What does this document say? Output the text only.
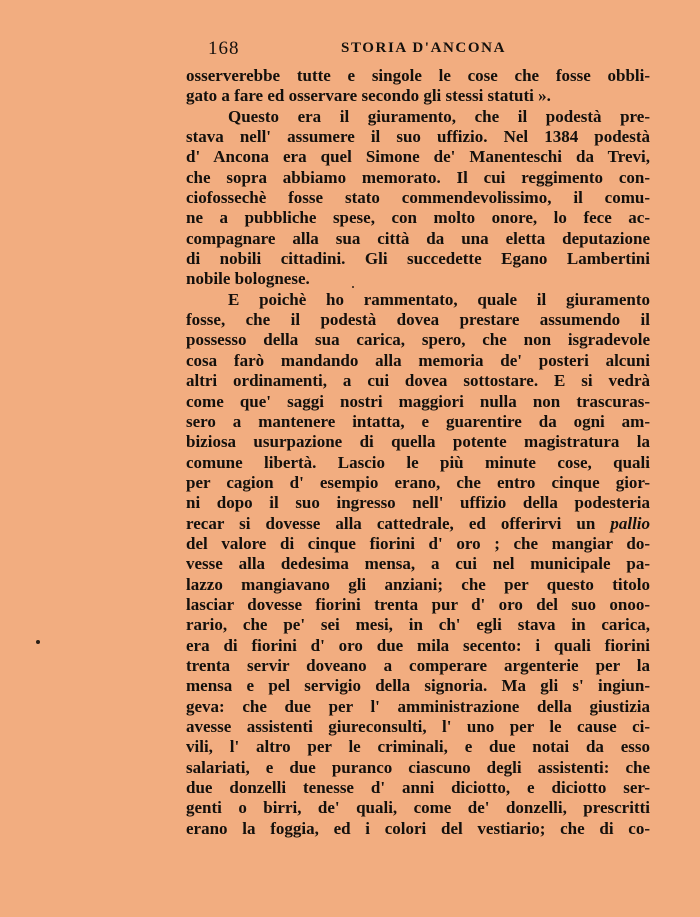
168	STORIA D'ANCONA
osserverebbe tutte e singole le cose che fosse obbli-
gato a fare ed osservare secondo gli stessi statuti ».
Questo era il giuramento, che il podestà pre-
stava nell' assumere il suo uffizio. Nel 1384 podestà
d' Ancona era quel Simone de' Manenteschi da Trevi,
che sopra abbiamo memorato. Il cui reggimento con-
ciofossechè fosse stato commendevolissimo, il comu-
ne a pubbliche spese, con molto onore, lo fece ac-
compagnare alla sua città da una eletta deputazione
di nobili cittadini. Gli succedette Egano Lambertini
nobile bolognese.
E poichè ho rammentato, quale il giuramento
fosse, che il podestà dovea prestare assumendo il
possesso della sua carica, spero, che non isgradevole
cosa farò mandando alla memoria de' posteri alcuni
altri ordinamenti, a cui dovea sottostare. E si vedrà
come que' saggi nostri maggiori nulla non trascuras-
sero a mantenere intatta, e guarentire da ogni am-
biziosa usurpazione di quella potente magistratura la
comune libertà. Lascio le più minute cose, quali
per cagion d' esempio erano, che entro cinque gior-
ni dopo il suo ingresso nell' uffizio della podesteria
recar si dovesse alla cattedrale, ed offerirvi un pallio
del valore di cinque fiorini d' oro ; che mangiar do-
vesse alla dedesima mensa, a cui nel municipale pa-
lazzo mangiavano gli anziani; che per questo titolo
lasciar dovesse fiorini trenta pur d' oro del suo onoo-
rario, che pe' sei mesi, in ch' egli stava in carica,
era di fiorini d' oro due mila secento: i quali fiorini
trenta servir doveano a comperare argenterie per la
mensa e pel servigio della signoria. Ma gli s' ingiun-
geva: che due per l' amministrazione della giustizia
avesse assistenti giureconsulti, l' uno per le cause ci-
vili, l' altro per le criminali, e due notai da esso
salariati, e due puranco ciascuno degli assistenti: che
due donzelli tenesse d' anni diciotto, e diciotto ser-
genti o birri, de' quali, come de' donzelli, prescritti
erano la foggia, ed i colori del vestiario; che di co-
